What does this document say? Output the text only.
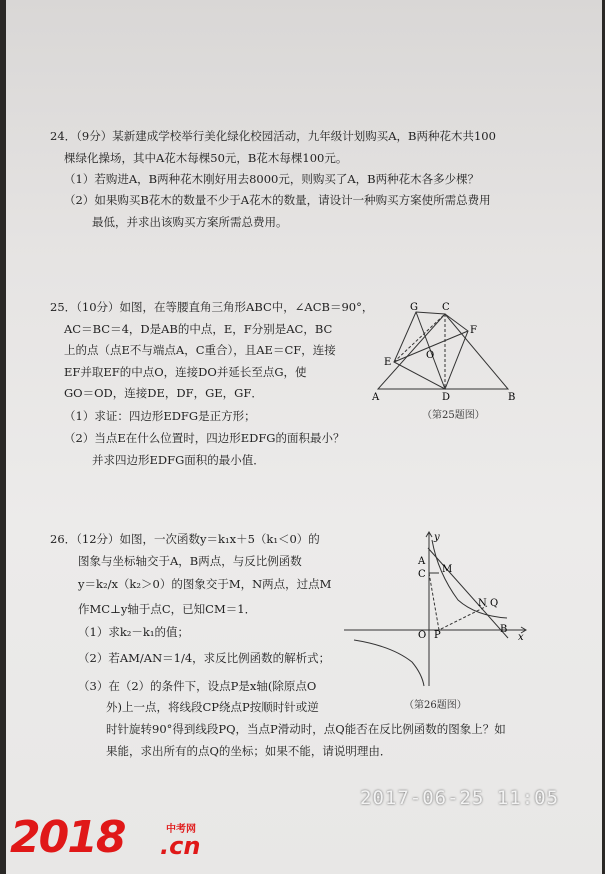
24．（9分）某新建成学校举行美化绿化校园活动，九年级计划购买A，B两种花木共100
棵绿化操场，其中A花木每棵50元，B花木每棵100元。
（1）若购进A，B两种花木刚好用去8000元，则购买了A，B两种花木各多少棵？
（2）如果购买B花木的数量不少于A花木的数量，请设计一种购买方案使所需总费用
最低，并求出该购买方案所需总费用。
25．（10分）如图，在等腰直角三角形ABC中，∠ACB＝90°，
AC＝BC＝4，D是AB的中点，E，F分别是AC，BC
上的点（点E不与端点A，C重合），且AE＝CF，连接
EF并取EF的中点O，连接DO并延长至点G，使
GO＝OD，连接DE，DF，GE，GF．
（1）求证：四边形EDFG是正方形；
（2）当点E在什么位置时，四边形EDFG的面积最小？
并求四边形EDFG面积的最小值．
G C
F
O
E
A	D	B
（第25题图）
26．（12分）如图，一次函数y＝k₁x＋5（k₁＜0）的
图象与坐标轴交于A，B两点，与反比例函数
y＝k₂/x（k₂＞0）的图象交于M，N两点，过点M
作MC⊥y轴于点C，已知CM＝1．
（1）求k₂－k₁的值；
（2）若AM/AN＝1/4，求反比例函数的解析式；
（3）在（2）的条件下，设点P是x轴(除原点O
外)上一点，将线段CP绕点P按顺时针或逆
时针旋转90°得到线段PQ，当点P滑动时，点Q能否在反比例函数的图象上？如
果能，求出所有的点Q的坐标；如果不能，请说明理由．
y
A
C M
N Q
O P
B
x
（第26题图）
2017-06-25 11:05
2018	中考网
.cn
